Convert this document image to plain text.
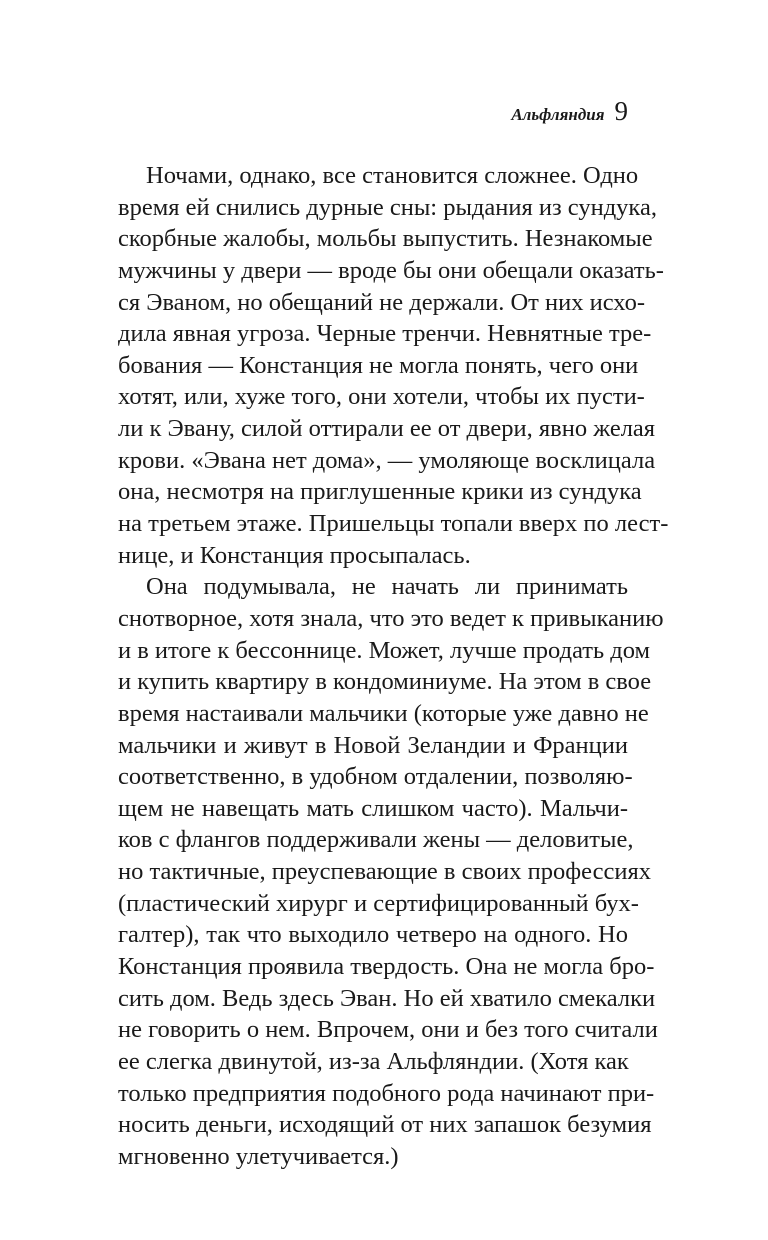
Альфляндия 9
Ночами, однако, все становится сложнее. Одно
время ей снились дурные сны: рыдания из сундука,
скорбные жалобы, мольбы выпустить. Незнакомые
мужчины у двери — вроде бы они обещали оказать-
ся Эваном, но обещаний не держали. От них исхо-
дила явная угроза. Черные тренчи. Невнятные тре-
бования — Констанция не могла понять, чего они
хотят, или, хуже того, они хотели, чтобы их пусти-
ли к Эвану, силой оттирали ее от двери, явно желая
крови. «Эвана нет дома», — умоляюще восклицала
она, несмотря на приглушенные крики из сундука
на третьем этаже. Пришельцы топали вверх по лест-
нице, и Констанция просыпалась.
Она подумывала, не начать ли принимать
снотворное, хотя знала, что это ведет к привыканию
и в итоге к бессоннице. Может, лучше продать дом
и купить квартиру в кондоминиуме. На этом в свое
время настаивали мальчики (которые уже давно не
мальчики и живут в Новой Зеландии и Франции
соответственно, в удобном отдалении, позволяю-
щем не навещать мать слишком часто). Мальчи-
ков с флангов поддерживали жены — деловитые,
но тактичные, преуспевающие в своих профессиях
(пластический хирург и сертифицированный бух-
галтер), так что выходило четверо на одного. Но
Констанция проявила твердость. Она не могла бро-
сить дом. Ведь здесь Эван. Но ей хватило смекалки
не говорить о нем. Впрочем, они и без того считали
ее слегка двинутой, из-за Альфляндии. (Хотя как
только предприятия подобного рода начинают при-
носить деньги, исходящий от них запашок безумия
мгновенно улетучивается.)
